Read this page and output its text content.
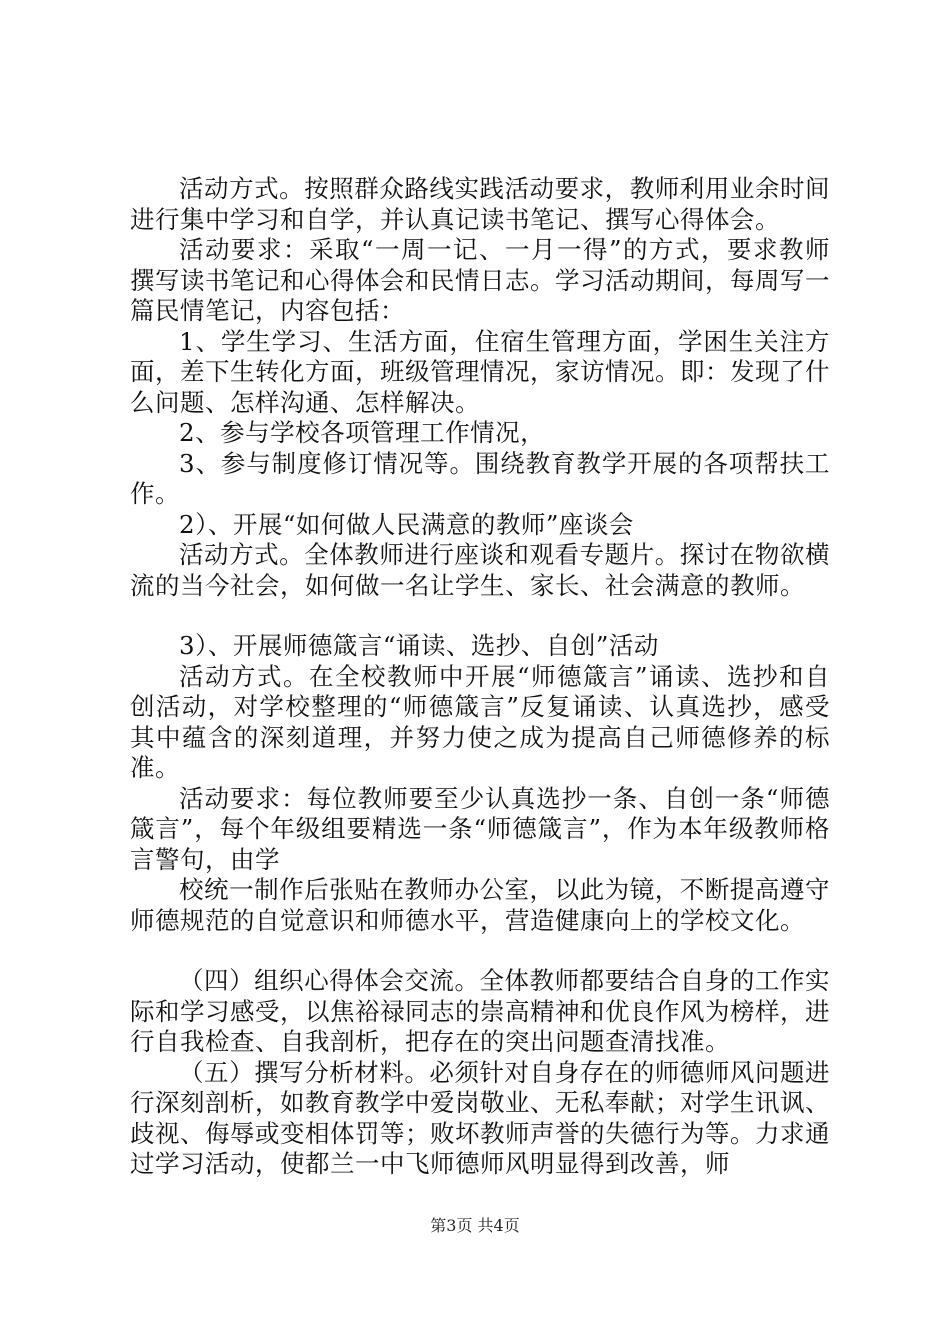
活动方式。按照群众路线实践活动要求，教师利用业余时间进行集中学习和自学，并认真记读书笔记、撰写心得体会。

活动要求：采取“一周一记、一月一得”的方式，要求教师撰写读书笔记和心得体会和民情日志。学习活动期间，每周写一篇民情笔记，内容包括：

1、学生学习、生活方面，住宿生管理方面，学困生关注方面，差下生转化方面，班级管理情况，家访情况。即：发现了什么问题、怎样沟通、怎样解决。

2、参与学校各项管理工作情况，

3、参与制度修订情况等。围绕教育教学开展的各项帮扶工作。

2）、开展“如何做人民满意的教师”座谈会

活动方式。全体教师进行座谈和观看专题片。探讨在物欲横流的当今社会，如何做一名让学生、家长、社会满意的教师。

3）、开展师德箴言“诵读、选抄、自创”活动

活动方式。在全校教师中开展“师德箴言”诵读、选抄和自创活动，对学校整理的“师德箴言”反复诵读、认真选抄，感受其中蕴含的深刻道理，并努力使之成为提高自己师德修养的标准。

活动要求：每位教师要至少认真选抄一条、自创一条“师德箴言”，每个年级组要精选一条“师德箴言”，作为本年级教师格言警句，由学

校统一制作后张贴在教师办公室，以此为镜，不断提高遵守师德规范的自觉意识和师德水平，营造健康向上的学校文化。

（四）组织心得体会交流。全体教师都要结合自身的工作实际和学习感受，以焦裕禄同志的崇高精神和优良作风为榜样，进行自我检查、自我剖析，把存在的突出问题查清找准。

（五）撰写分析材料。必须针对自身存在的师德师风问题进行深刻剖析，如教育教学中爱岗敬业、无私奉献；对学生讯讽、歧视、侮辱或变相体罚等；败坏教师声誉的失德行为等。力求通过学习活动，使都兰一中飞师德师风明显得到改善，师

第3页 共4页
